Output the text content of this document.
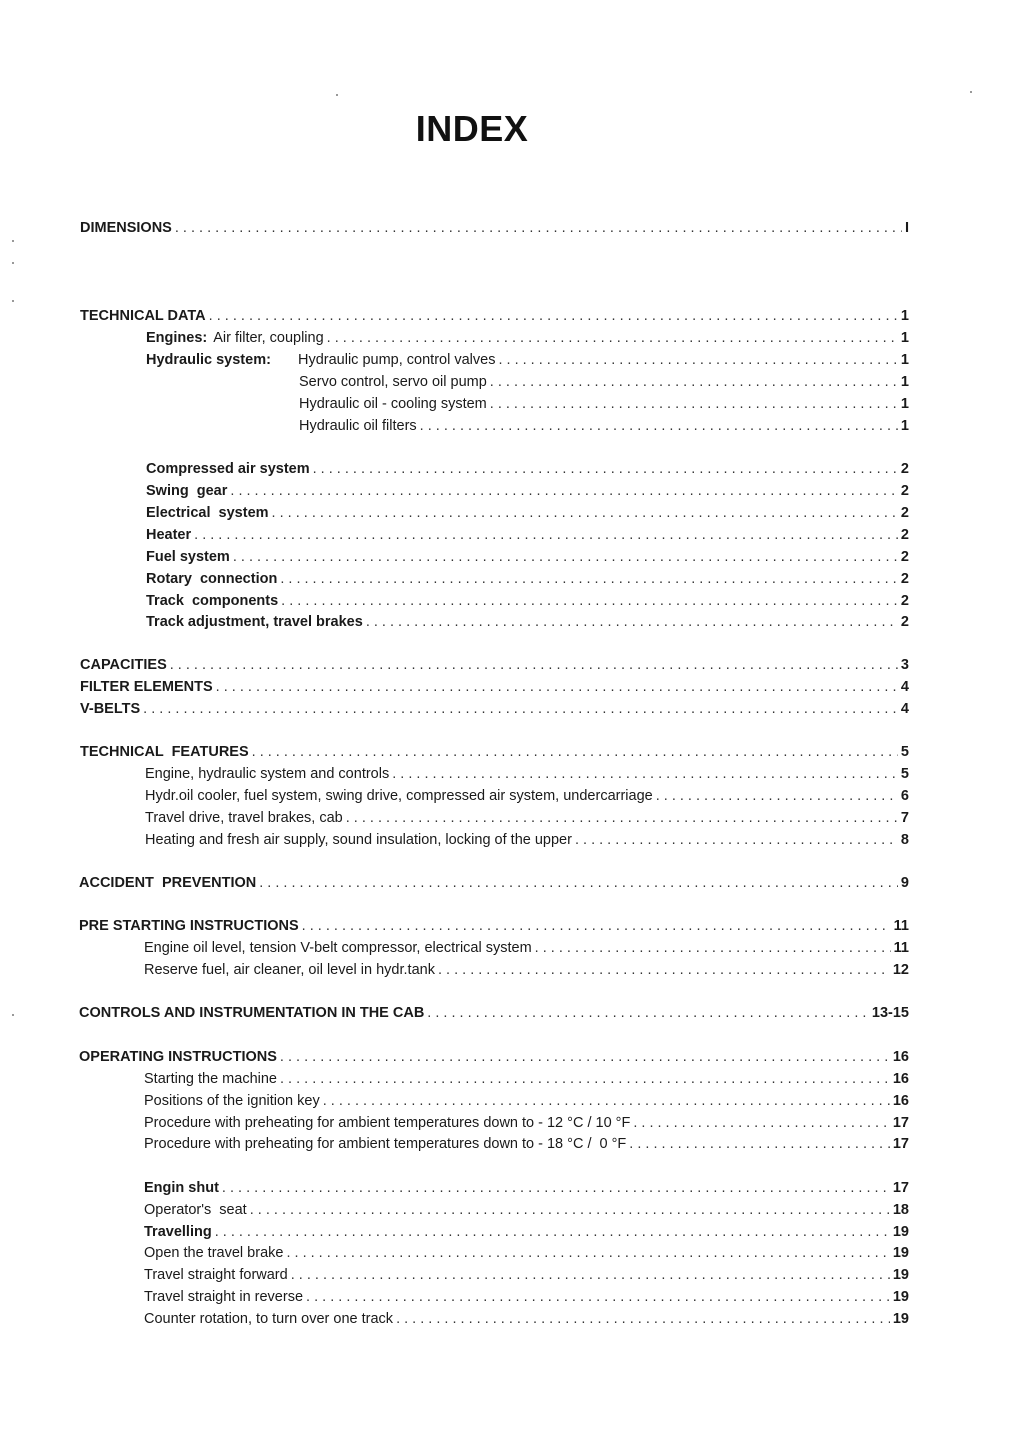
INDEX
DIMENSIONS . . .	I
TECHNICAL DATA . . .	1
Engines: Air filter, coupling . . .	1
Hydraulic system:	Hydraulic pump, control valves . . .	1
Servo control, servo oil pump . . .	1
Hydraulic oil - cooling system . . .	1
Hydraulic oil filters . . .	1
Compressed air system . . .	2
Swing  gear . . .	2
Electrical  system . . .	2
Heater . . .	2
Fuel system . . .	2
Rotary  connection . . .	2
Track  components . . .	2
Track adjustment, travel brakes . . .	2
CAPACITIES . . .	3
FILTER ELEMENTS . . .	4
V-BELTS . . .	4
TECHNICAL  FEATURES . . .	5
Engine, hydraulic system and controls . . .	5
Hydr.oil cooler, fuel system, swing drive, compressed air system, undercarriage . . .	6
Travel drive, travel brakes, cab . . .	7
Heating and fresh air supply, sound insulation, locking of the upper . . .	8
ACCIDENT  PREVENTION . . .	9
PRE STARTING INSTRUCTIONS . . .	11
Engine oil level, tension V-belt compressor, electrical system . . .	11
Reserve fuel, air cleaner, oil level in hydr.tank . . .	12
CONTROLS AND INSTRUMENTATION IN THE CAB . . .	13-15
OPERATING INSTRUCTIONS . . .	16
Starting the machine . . .	16
Positions of the ignition key . . .	16
Procedure with preheating for ambient temperatures down to - 12 °C / 10 °F . . .	17
Procedure with preheating for ambient temperatures down to - 18 °C /  0 °F . . .	17
Engin shut . . .	17
Operator's  seat . . .	18
Travelling . . .	19
Open the travel brake . . .	19
Travel straight forward . . .	19
Travel straight in reverse . . .	19
Counter rotation, to turn over one track . . .	19
